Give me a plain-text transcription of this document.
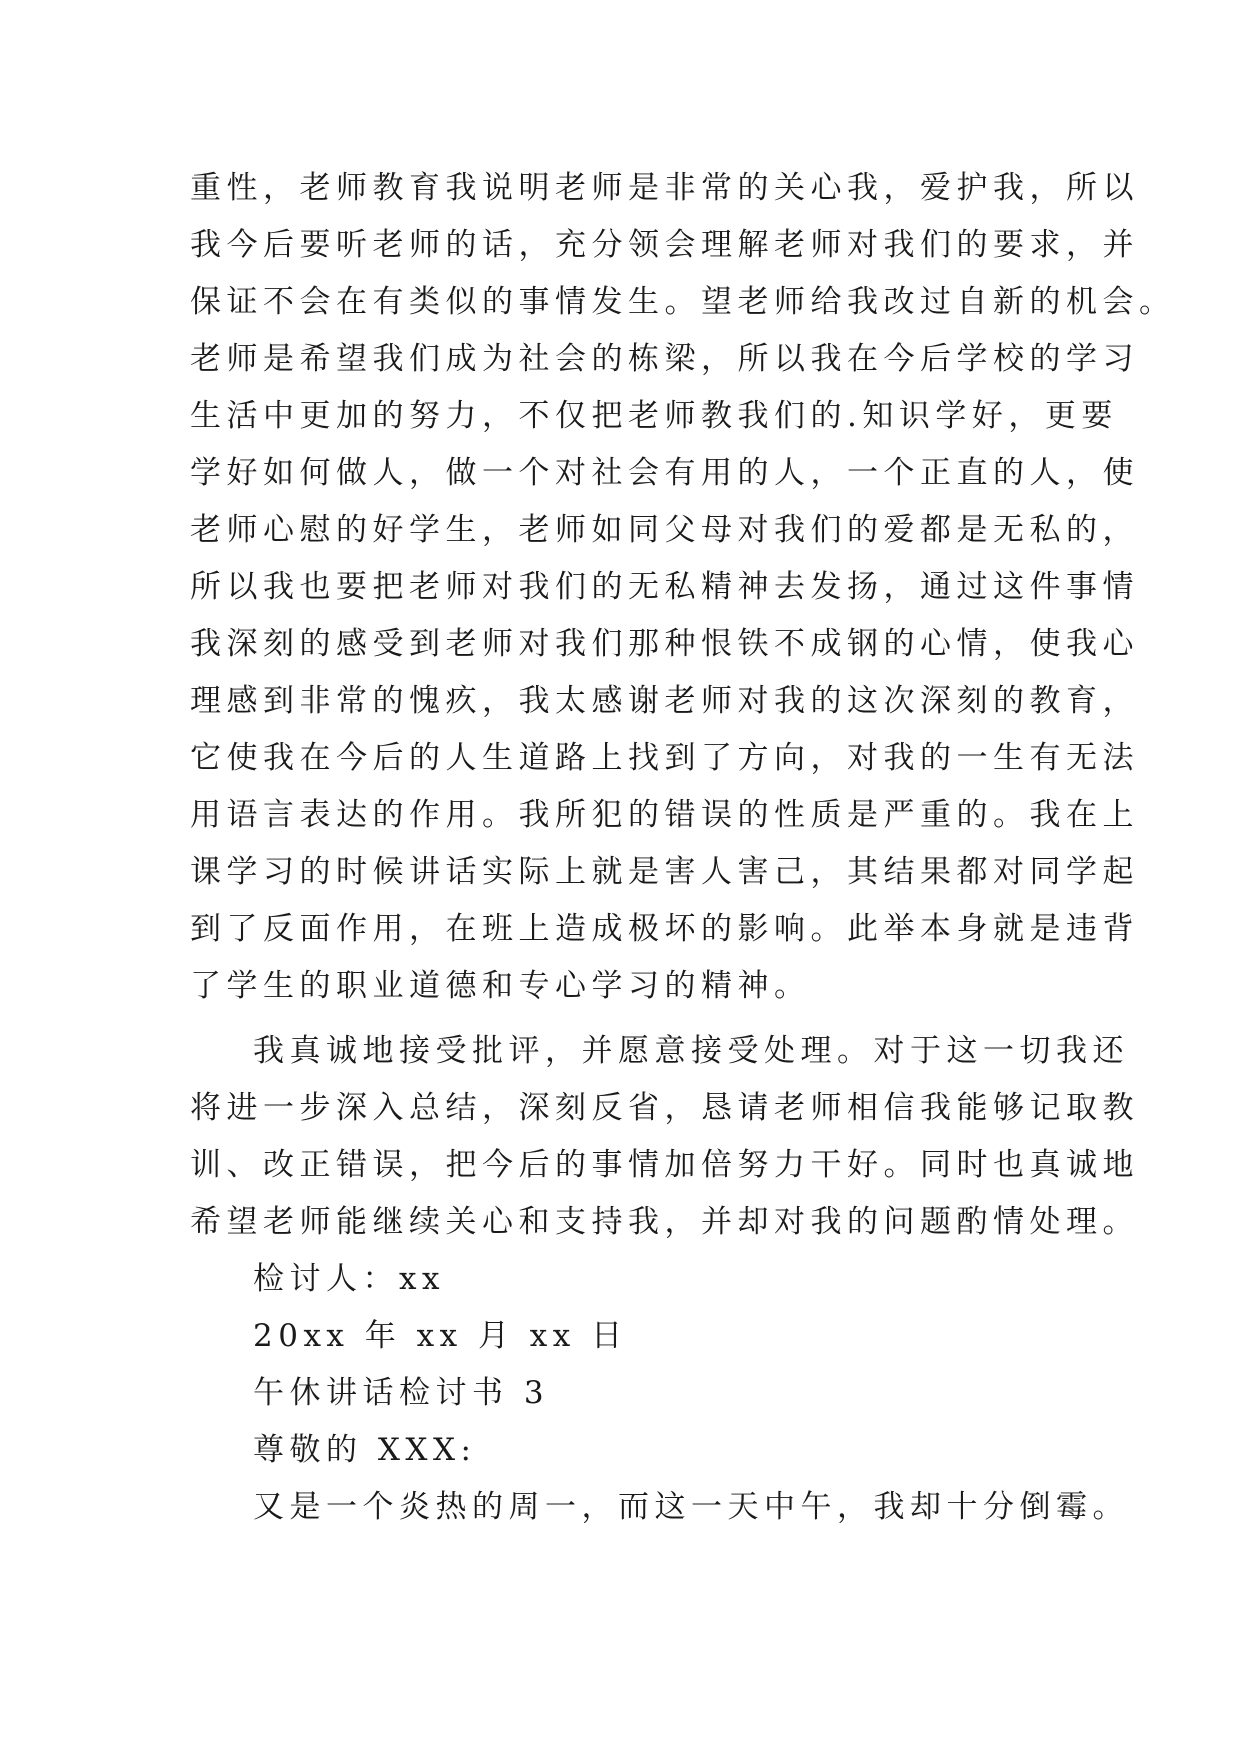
重性，老师教育我说明老师是非常的关心我，爱护我，所以
我今后要听老师的话，充分领会理解老师对我们的要求，并
保证不会在有类似的事情发生。望老师给我改过自新的机会。
老师是希望我们成为社会的栋梁，所以我在今后学校的学习
生活中更加的努力，不仅把老师教我们的.知识学好，更要
学好如何做人，做一个对社会有用的人，一个正直的人，使
老师心慰的好学生，老师如同父母对我们的爱都是无私的，
所以我也要把老师对我们的无私精神去发扬，通过这件事情
我深刻的感受到老师对我们那种恨铁不成钢的心情，使我心
理感到非常的愧疚，我太感谢老师对我的这次深刻的教育，
它使我在今后的人生道路上找到了方向，对我的一生有无法
用语言表达的作用。我所犯的错误的性质是严重的。我在上
课学习的时候讲话实际上就是害人害己，其结果都对同学起
到了反面作用，在班上造成极坏的影响。此举本身就是违背
了学生的职业道德和专心学习的精神。
我真诚地接受批评，并愿意接受处理。对于这一切我还
将进一步深入总结，深刻反省，恳请老师相信我能够记取教
训、改正错误，把今后的事情加倍努力干好。同时也真诚地
希望老师能继续关心和支持我，并却对我的问题酌情处理。
检讨人：xx
20xx 年 xx 月 xx 日
午休讲话检讨书 3
尊敬的 XXX:
又是一个炎热的周一，而这一天中午，我却十分倒霉。
